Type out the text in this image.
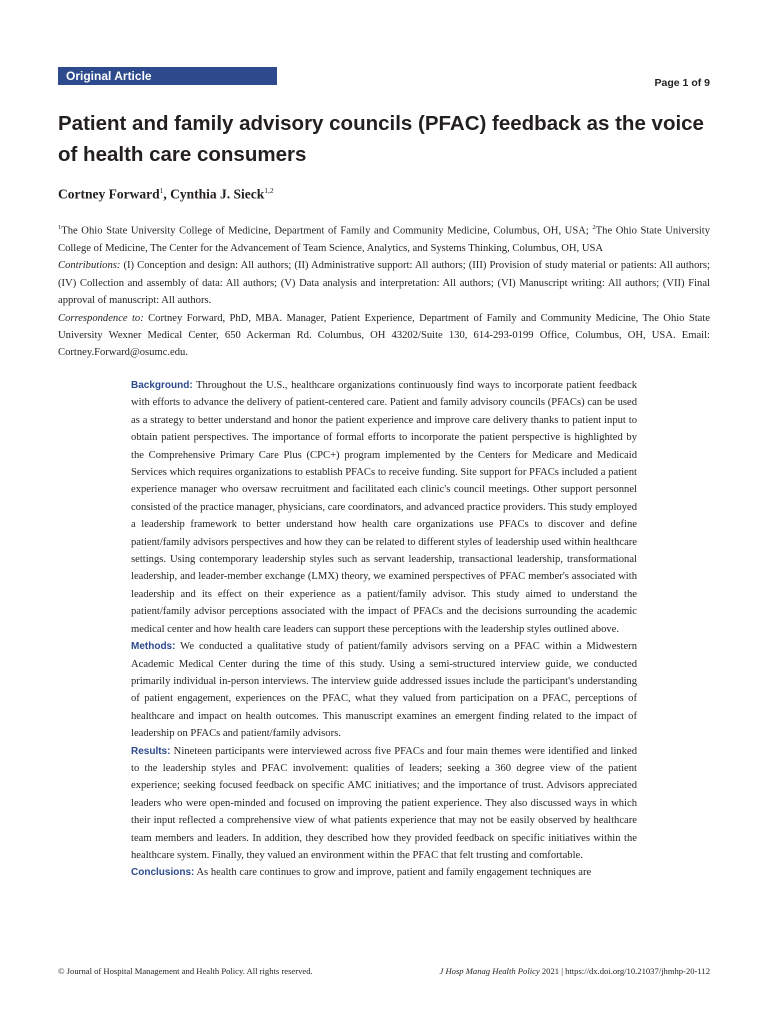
Original Article	Page 1 of 9
Patient and family advisory councils (PFAC) feedback as the voice of health care consumers
Cortney Forward$^1$, Cynthia J. Sieck$^{1,2}$

$^1$The Ohio State University College of Medicine, Department of Family and Community Medicine, Columbus, OH, USA; $^2$The Ohio State University College of Medicine, The Center for the Advancement of Team Science, Analytics, and Systems Thinking, Columbus, OH, USA

Contributions: (I) Conception and design: All authors; (II) Administrative support: All authors; (III) Provision of study material or patients: All authors; (IV) Collection and assembly of data: All authors; (V) Data analysis and interpretation: All authors; (VI) Manuscript writing: All authors; (VII) Final approval of manuscript: All authors.

Correspondence to: Cortney Forward, PhD, MBA. Manager, Patient Experience, Department of Family and Community Medicine, The Ohio State University Wexner Medical Center, 650 Ackerman Rd. Columbus, OH 43202/Suite 130, 614-293-0199 Office, Columbus, OH, USA. Email: Cortney.Forward@osumc.edu.

Background: Throughout the U.S., healthcare organizations continuously find ways to incorporate patient feedback with efforts to advance the delivery of patient-centered care. Patient and family advisory councils (PFACs) can be used as a strategy to better understand and honor the patient experience and improve care delivery thanks to patient input to obtain patient perspectives. The importance of formal efforts to incorporate the patient perspective is highlighted by the Comprehensive Primary Care Plus (CPC+) program implemented by the Centers for Medicare and Medicaid Services which requires organizations to establish PFACs to receive funding. Site support for PFACs included a patient experience manager who oversaw recruitment and facilitated each clinic's council meetings. Other support personnel consisted of the practice manager, physicians, care coordinators, and advanced practice providers. This study employed a leadership framework to better understand how health care organizations use PFACs to discover and define patient/family advisors perspectives and how they can be related to different styles of leadership used within healthcare settings. Using contemporary leadership styles such as servant leadership, transactional leadership, transformational leadership, and leader-member exchange (LMX) theory, we examined perspectives of PFAC member's associated with leadership and its effect on their experience as a patient/family advisor. This study aimed to understand the patient/family advisor perceptions associated with the impact of PFACs and the decisions surrounding the academic medical center and how health care leaders can support these perceptions with the leadership styles outlined above.

Methods: We conducted a qualitative study of patient/family advisors serving on a PFAC within a Midwestern Academic Medical Center during the time of this study. Using a semi-structured interview guide, we conducted primarily individual in-person interviews. The interview guide addressed issues include the participant's understanding of patient engagement, experiences on the PFAC, what they valued from participation on a PFAC, perceptions of healthcare and impact on health outcomes. This manuscript examines an emergent finding related to the impact of leadership on PFACs and patient/family advisors.

Results: Nineteen participants were interviewed across five PFACs and four main themes were identified and linked to the leadership styles and PFAC involvement: qualities of leaders; seeking a 360 degree view of the patient experience; seeking focused feedback on specific AMC initiatives; and the importance of trust. Advisors appreciated leaders who were open-minded and focused on improving the patient experience. They also discussed ways in which their input reflected a comprehensive view of what patients experience that may not be easily observed by healthcare team members and leaders. In addition, they described how they provided feedback on specific initiatives within the healthcare system. Finally, they valued an environment within the PFAC that felt trusting and comfortable.

Conclusions: As health care continues to grow and improve, patient and family engagement techniques are

© Journal of Hospital Management and Health Policy. All rights reserved.	J Hosp Manag Health Policy 2021 | https://dx.doi.org/10.21037/jhmhp-20-112
